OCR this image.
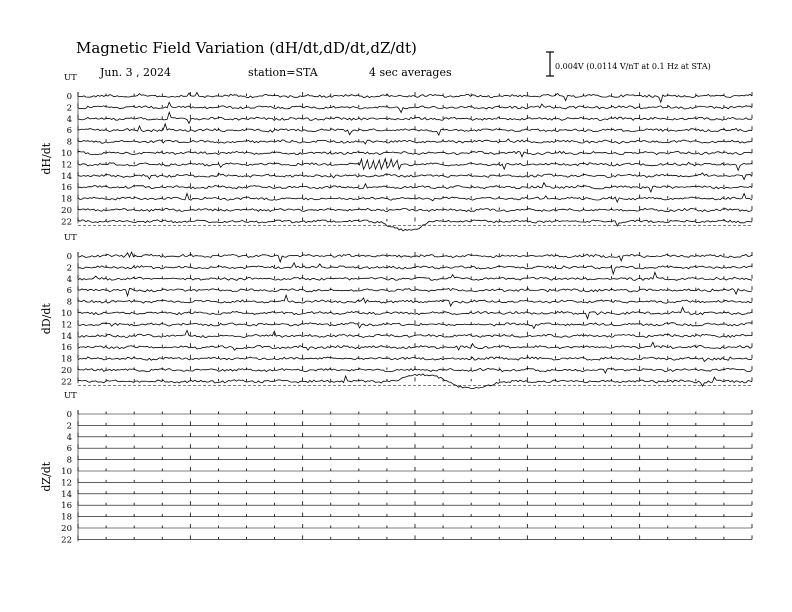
Magnetic Field Variation (dH/dt,dD/dt,dZ/dt)
Jun. 3 , 2024	station=STA	4 sec averages	0.004V (0.0114 V/nT at 0.1 Hz at STA)
UT
dH/dt
0
2
4
6
8
10
12
14
16
18
20
22
UT
dD/dt
0
2
4
6
8
10
12
14
16
18
20
22
UT
dZ/dt
0
2
4
6
8
10
12
14
16
18
20
22
